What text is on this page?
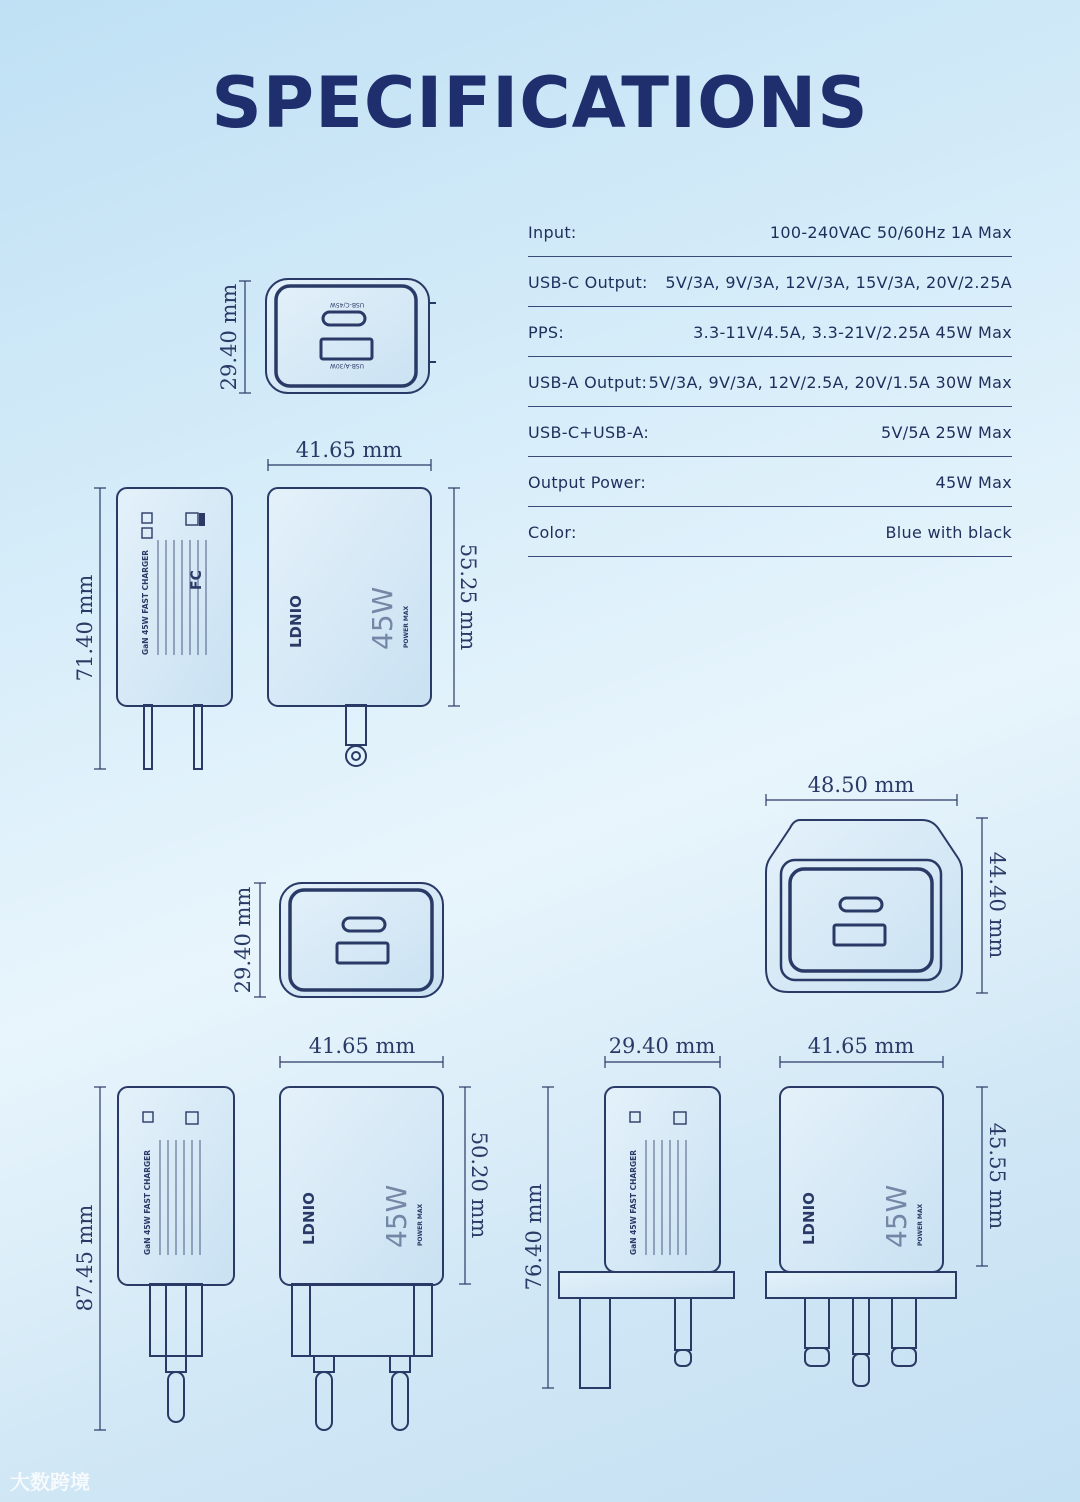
SPECIFICATIONS
Input:	100-240VAC 50/60Hz 1A Max
USB-C Output: 5V/3A, 9V/3A, 12V/3A, 15V/3A, 20V/2.25A
PPS:	3.3-11V/4.5A, 3.3-21V/2.25A 45W Max
USB-A Output: 5V/3A, 9V/3A, 12V/2.5A, 20V/1.5A 30W Max
USB-C+USB-A:	5V/5A 25W Max
Output Power:	45W Max
Color:	Blue with black
USB-C/45W
USB-A/30W
29.40 mm
41.65 mm
GaN 45W FAST CHARGER	FC
71.40 mm	LDNIO 45W POWER MAX 55.25 mm
29.40 mm
41.65 mm
GaN 45W FAST CHARGER
87.45 mm	LDNIO 45W POWER MAX 50.20 mm
48.50 mm
44.40 mm
29.40 mm	41.65 mm
76.40 mm	GaN 45W FAST CHARGER	LDNIO 45W POWER MAX	45.55 mm
大数跨境
